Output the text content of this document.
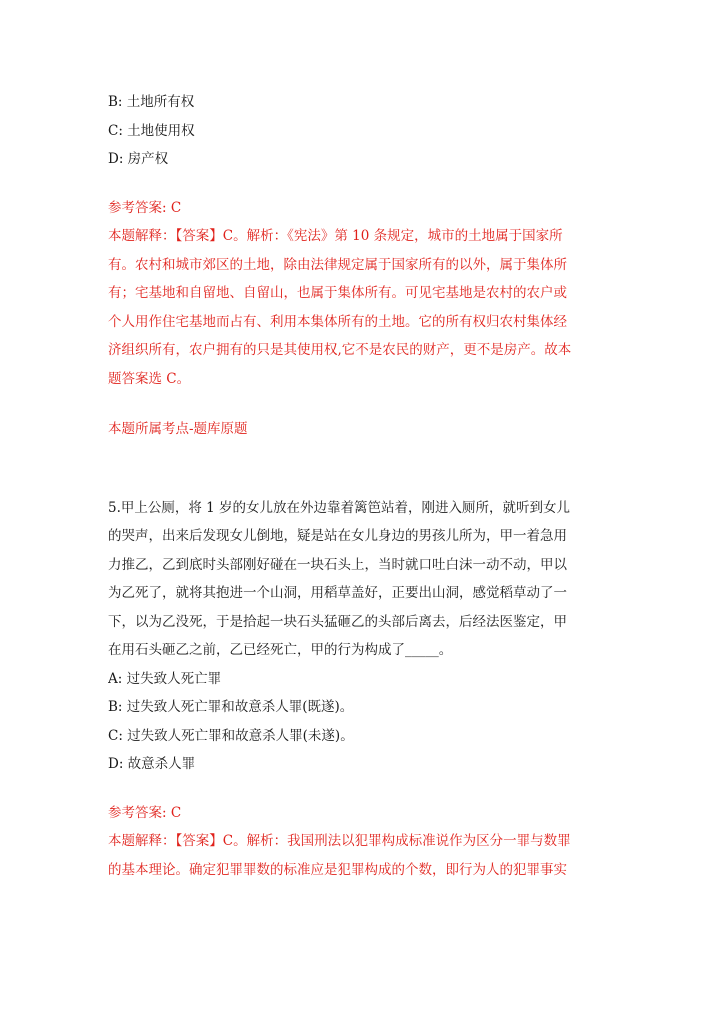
B: 土地所有权
C: 土地使用权
D: 房产权
参考答案: C
本题解释：【答案】C。解析：《宪法》第 10 条规定，城市的土地属于国家所
有。农村和城市郊区的土地，除由法律规定属于国家所有的以外，属于集体所
有；宅基地和自留地、自留山，也属于集体所有。可见宅基地是农村的农户或
个人用作住宅基地而占有、利用本集体所有的土地。它的所有权归农村集体经
济组织所有，农户拥有的只是其使用权,它不是农民的财产，更不是房产。故本
题答案选 C。
本题所属考点-题库原题
5.甲上公厕，将 1 岁的女儿放在外边靠着篱笆站着，刚进入厕所，就听到女儿
的哭声，出来后发现女儿倒地，疑是站在女儿身边的男孩儿所为，甲一着急用
力推乙，乙到底时头部刚好碰在一块石头上，当时就口吐白沫一动不动，甲以
为乙死了，就将其抱进一个山洞，用稻草盖好，正要出山洞，感觉稻草动了一
下，以为乙没死，于是拾起一块石头猛砸乙的头部后离去，后经法医鉴定，甲
在用石头砸乙之前，乙已经死亡，甲的行为构成了_____。
A: 过失致人死亡罪
B: 过失致人死亡罪和故意杀人罪(既遂)。
C: 过失致人死亡罪和故意杀人罪(未遂)。
D: 故意杀人罪
参考答案: C
本题解释：【答案】C。解析：我国刑法以犯罪构成标准说作为区分一罪与数罪
的基本理论。确定犯罪罪数的标准应是犯罪构成的个数，即行为人的犯罪事实
